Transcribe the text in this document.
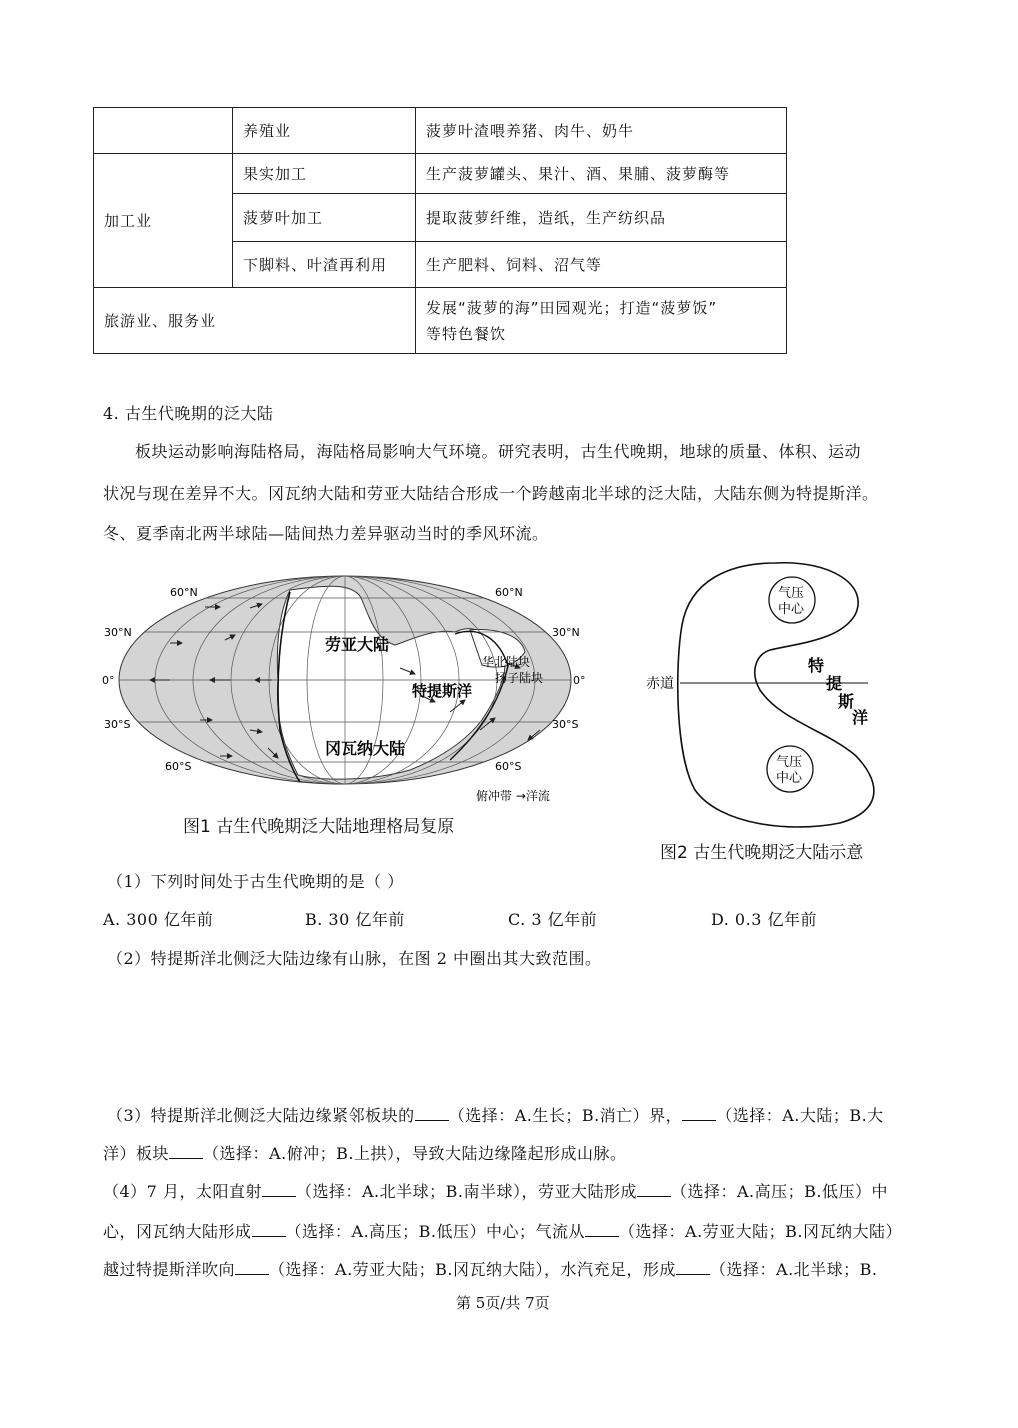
	养殖业	菠萝叶渣喂养猪、肉牛、奶牛
加工业	果实加工	生产菠萝罐头、果汁、酒、果脯、菠萝酶等
	菠萝叶加工	提取菠萝纤维，造纸，生产纺织品
	下脚料、叶渣再利用	生产肥料、饲料、沼气等
旅游业、服务业		发展“菠萝的海”田园观光；打造“菠萝饭”
等特色餐饮
4. 古生代晚期的泛大陆
板块运动影响海陆格局，海陆格局影响大气环境。研究表明，古生代晚期，地球的质量、体积、运动
状况与现在差异不大。冈瓦纳大陆和劳亚大陆结合形成一个跨越南北半球的泛大陆，大陆东侧为特提斯洋。
冬、夏季南北两半球陆—陆间热力差异驱动当时的季风环流。
60°N	60°N
30°N	30°N
0°	0°
30°S	30°S
60°S	60°S
劳亚大陆
特提斯洋
冈瓦纳大陆
华北陆块
扬子陆块
俯冲带 →洋流
图1 古生代晚期泛大陆地理格局复原
气压
中心
气压
中心
赤道
特
提
斯
洋
图2 古生代晚期泛大陆示意
（1）下列时间处于古生代晚期的是（ ）
A. 300 亿年前	B. 30 亿年前	C. 3 亿年前	D. 0.3 亿年前
（2）特提斯洋北侧泛大陆边缘有山脉，在图 2 中圈出其大致范围。
（3）特提斯洋北侧泛大陆边缘紧邻板块的 （选择：A.生长；B.消亡）界， （选择：A.大陆；B.大
洋）板块 （选择：A.俯冲；B.上拱），导致大陆边缘隆起形成山脉。
（4）7 月，太阳直射 （选择：A.北半球；B.南半球），劳亚大陆形成 （选择：A.高压；B.低压）中
心，冈瓦纳大陆形成 （选择：A.高压；B.低压）中心；气流从 （选择：A.劳亚大陆；B.冈瓦纳大陆）
越过特提斯洋吹向 （选择：A.劳亚大陆；B.冈瓦纳大陆），水汽充足，形成 （选择：A.北半球；B.
第 5页/共 7页
